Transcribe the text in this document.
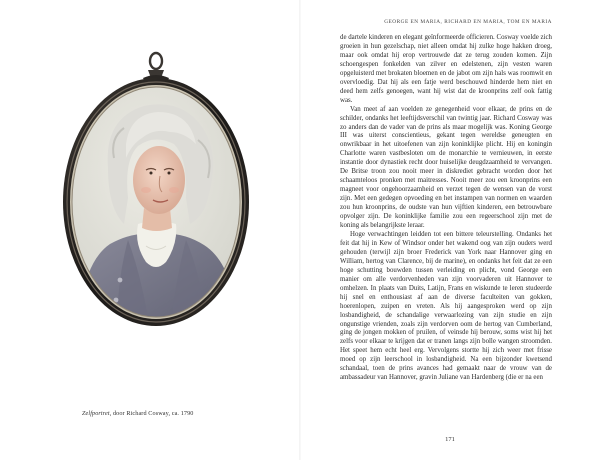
Zelfportret, door Richard Cosway, ca. 1790
GEORGE EN MARIA, RICHARD EN MARIA, TOM EN MARIA

de dartele kinderen en elegant geïnformeerde officieren. Cosway voelde zich groeien in hun gezelschap, niet alleen omdat hij zulke hoge hakken droeg, maar ook omdat hij erop vertrouwde dat ze terug zouden komen. Zijn schoengespen fonkelden van zilver en edelstenen, zijn vesten waren opgeluisterd met brokaten bloemen en de jabot om zijn hals was roomwit en overvloedig. Dat hij als een fatje werd beschouwd hinderde hem niet en deed hem zelfs genoegen, want hij wist dat de kroonprins zelf ook fattig was.

Van meet af aan voelden ze genegenheid voor elkaar, de prins en de schilder, ondanks het leeftijdsverschil van twintig jaar. Richard Cosway was zo anders dan de vader van de prins als maar mogelijk was. Koning George III was uiterst conscientieus, gekant tegen wereldse geneugten en onwrikbaar in het uitoefenen van zijn koninklijke plicht. Hij en koningin Charlotte waren vastbesloten om de monarchie te vernieuwen, in eerste instantie door dynastiek recht door huiselijke deugdzaamheid te vervangen. De Britse troon zou nooit meer in diskrediet gebracht worden door het schaamteloos pronken met maitresses. Nooit meer zou een kroonprins een magneet voor ongehoorzaamheid en verzet tegen de wensen van de vorst zijn. Met een gedegen opvoeding en het instampen van normen en waarden zou hun kroonprins, de oudste van hun vijftien kinderen, een betrouwbare opvolger zijn. De koninklijke familie zou een regeerschool zijn met de koning als belangrijkste leraar.

Hoge verwachtingen leidden tot een bittere teleurstelling. Ondanks het feit dat hij in Kew of Windsor onder het wakend oog van zijn ouders werd gehouden (terwijl zijn broer Frederick van York naar Hannover ging en William, hertog van Clarence, bij de marine), en ondanks het feit dat ze een hoge schutting bouwden tussen verleiding en plicht, vond George een manier om alle verdorvenheden van zijn voorvaderen uit Hannover te omhelzen. In plaats van Duits, Latijn, Frans en wiskunde te leren studeerde hij snel en enthousiast af aan de diverse faculteiten van gokken, hoerenlopen, zuipen en vreten. Als hij aangesproken werd op zijn losbandigheid, de schandalige verwaarlozing van zijn studie en zijn ongunstige vrienden, zoals zijn verdorven oom de hertog van Cumberland, ging de jongen mokken of pruilen, of veinsde hij berouw, soms wist hij het zelfs voor elkaar te krijgen dat er tranen langs zijn bolle wangen stroomden. Het speet hem echt heel erg. Vervolgens stortte hij zich weer met frisse moed op zijn leerschool in losbandigheid. Na een bijzonder kwetsend schandaal, toen de prins avances had gemaakt naar de vrouw van de ambassadeur van Hannover, gravin Juliane van Hardenberg (die er na een

171
